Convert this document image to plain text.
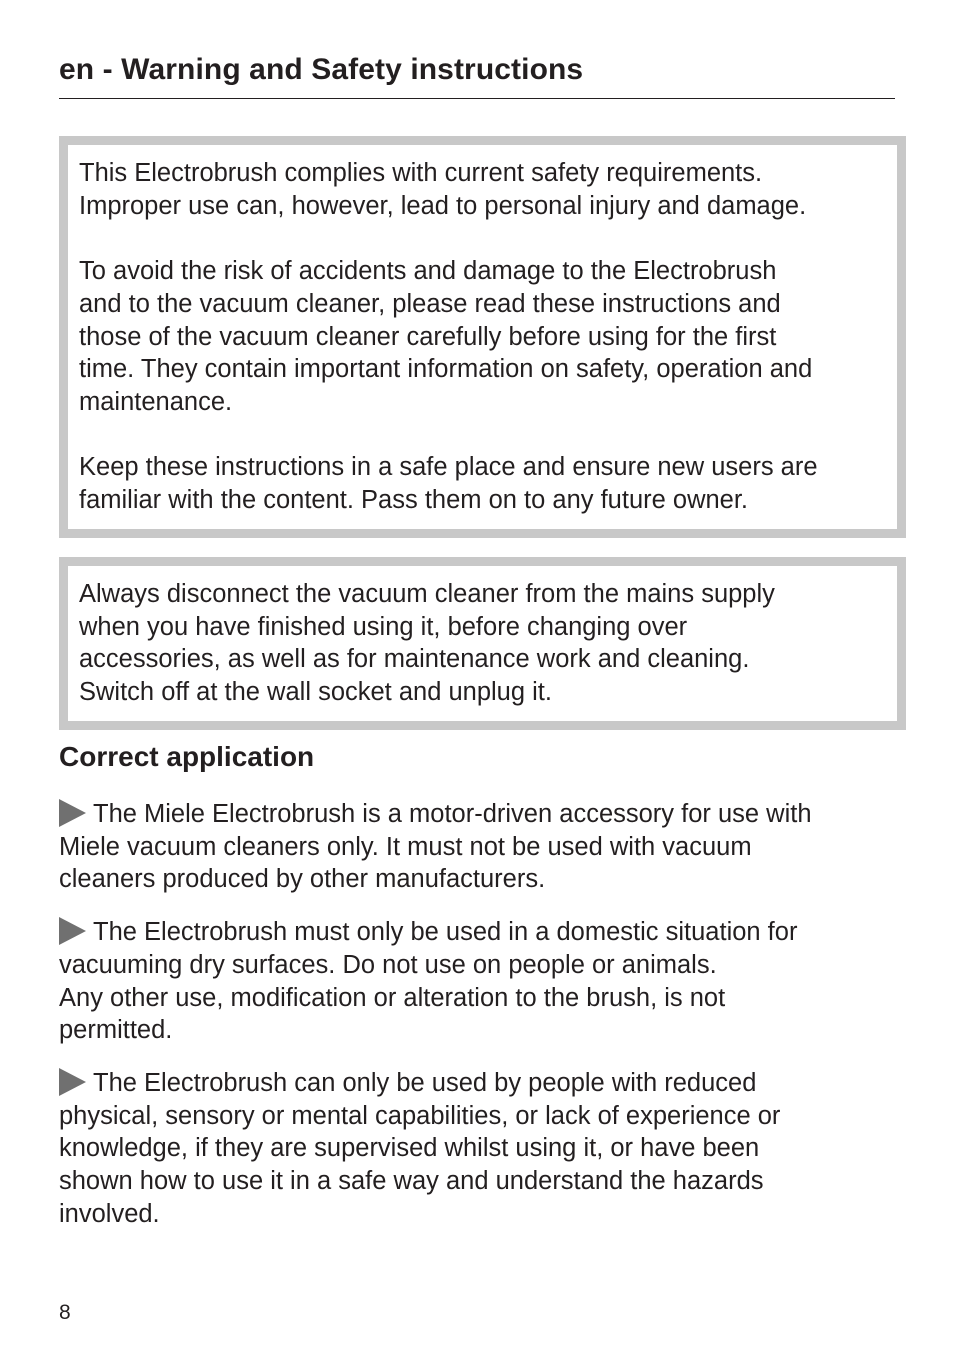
en - Warning and Safety instructions

This Electrobrush complies with current safety requirements.
Improper use can, however, lead to personal injury and damage.

To avoid the risk of accidents and damage to the Electrobrush
and to the vacuum cleaner, please read these instructions and
those of the vacuum cleaner carefully before using for the first
time. They contain important information on safety, operation and
maintenance.

Keep these instructions in a safe place and ensure new users are
familiar with the content. Pass them on to any future owner.

Always disconnect the vacuum cleaner from the mains supply
when you have finished using it, before changing over
accessories, as well as for maintenance work and cleaning.
Switch off at the wall socket and unplug it.

Correct application

The Miele Electrobrush is a motor-driven accessory for use with
Miele vacuum cleaners only. It must not be used with vacuum
cleaners produced by other manufacturers.

The Electrobrush must only be used in a domestic situation for
vacuuming dry surfaces. Do not use on people or animals.
Any other use, modification or alteration to the brush, is not
permitted.

The Electrobrush can only be used by people with reduced
physical, sensory or mental capabilities, or lack of experience or
knowledge, if they are supervised whilst using it, or have been
shown how to use it in a safe way and understand the hazards
involved.

8
